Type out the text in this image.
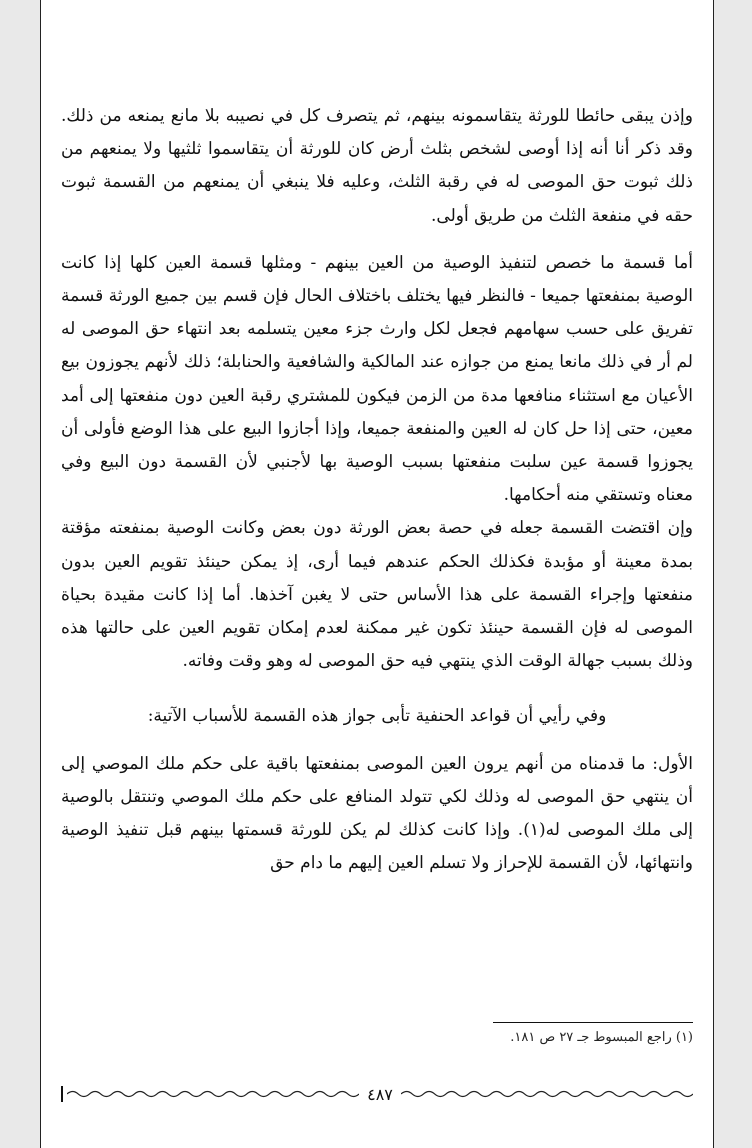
وإذن يبقى حائطا للورثة يتقاسمونه بينهم، ثم يتصرف كل في نصيبه بلا مانع يمنعه من ذلك. وقد ذكر أنا أنه إذا أوصى لشخص بثلث أرض كان للورثة أن يتقاسموا ثلثيها ولا يمنعهم من ذلك ثبوت حق الموصى له في رقبة الثلث، وعليه فلا ينبغي أن يمنعهم من القسمة ثبوت حقه في منفعة الثلث من طريق أولى.

أما قسمة ما خصص لتنفيذ الوصية من العين بينهم - ومثلها قسمة العين كلها إذا كانت الوصية بمنفعتها جميعا - فالنظر فيها يختلف باختلاف الحال فإن قسم بين جميع الورثة قسمة تفريق على حسب سهامهم فجعل لكل وارث جزء معين يتسلمه بعد انتهاء حق الموصى له لم أر في ذلك مانعا يمنع من جوازه عند المالكية والشافعية والحنابلة؛ ذلك لأنهم يجوزون بيع الأعيان مع استثناء منافعها مدة من الزمن فيكون للمشتري رقبة العين دون منفعتها إلى أمد معين، حتى إذا حل كان له العين والمنفعة جميعا، وإذا أجازوا البيع على هذا الوضع فأولى أن يجوزوا قسمة عين سلبت منفعتها بسبب الوصية بها لأجنبي لأن القسمة دون البيع وفي معناه وتستقي منه أحكامها.

وإن اقتضت القسمة جعله في حصة بعض الورثة دون بعض وكانت الوصية بمنفعته مؤقتة بمدة معينة أو مؤبدة فكذلك الحكم عندهم فيما أرى، إذ يمكن حينئذ تقويم العين بدون منفعتها وإجراء القسمة على هذا الأساس حتى لا يغبن آخذها. أما إذا كانت مقيدة بحياة الموصى له فإن القسمة حينئذ تكون غير ممكنة لعدم إمكان تقويم العين على حالتها هذه وذلك بسبب جهالة الوقت الذي ينتهي فيه حق الموصى له وهو وقت وفاته.

وفي رأيي أن قواعد الحنفية تأبى جواز هذه القسمة للأسباب الآتية:

الأول: ما قدمناه من أنهم يرون العين الموصى بمنفعتها باقية على حكم ملك الموصي إلى أن ينتهي حق الموصى له وذلك لكي تتولد المنافع على حكم ملك الموصي وتنتقل بالوصية إلى ملك الموصى له(١). وإذا كانت كذلك لم يكن للورثة قسمتها بينهم قبل تنفيذ الوصية وانتهائها، لأن القسمة للإحراز ولا تسلم العين إليهم ما دام حق

(١) راجع المبسوط جـ ٢٧ ص ١٨١.
٤٨٧
